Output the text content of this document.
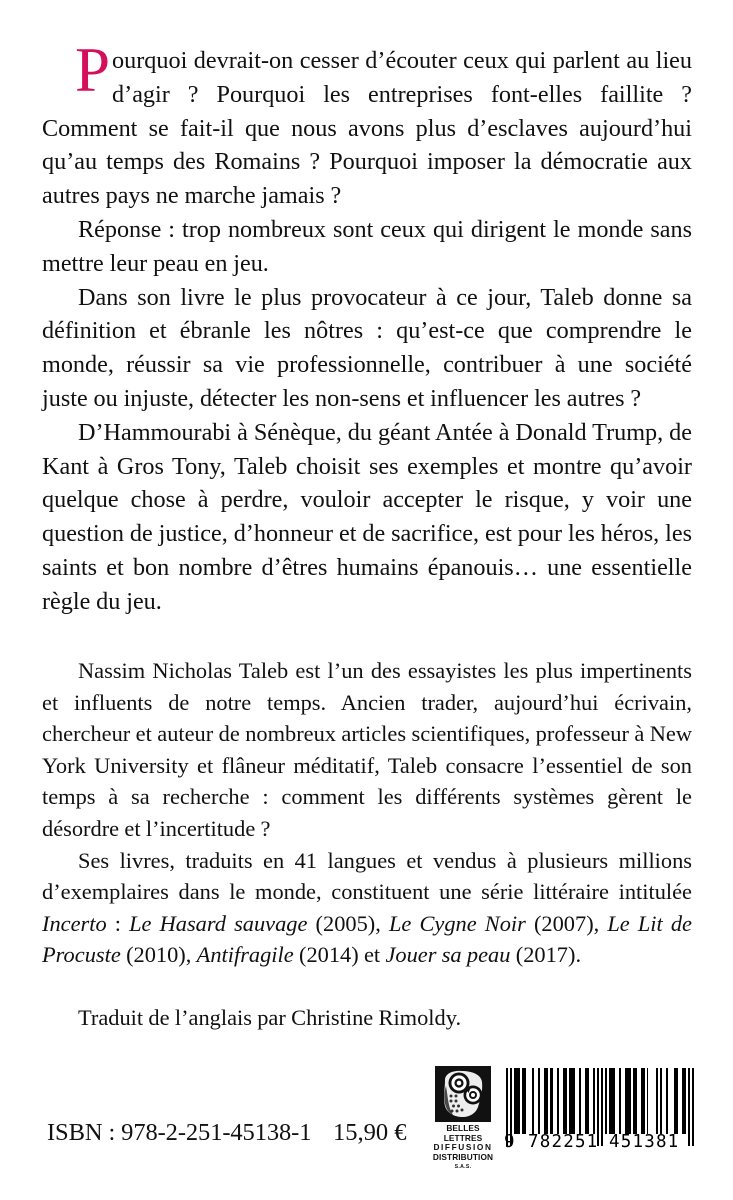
Pourquoi devrait-on cesser d’écouter ceux qui parlent au lieu d’agir ? Pourquoi les entreprises font-elles faillite ? Comment se fait-il que nous avons plus d’esclaves aujourd’hui qu’au temps des Romains ? Pourquoi imposer la démocratie aux autres pays ne marche jamais ?

Réponse : trop nombreux sont ceux qui dirigent le monde sans mettre leur peau en jeu.

Dans son livre le plus provocateur à ce jour, Taleb donne sa définition et ébranle les nôtres : qu’est-ce que comprendre le monde, réussir sa vie professionnelle, contribuer à une société juste ou injuste, détecter les non-sens et influencer les autres ?

D’Hammourabi à Sénèque, du géant Antée à Donald Trump, de Kant à Gros Tony, Taleb choisit ses exemples et montre qu’avoir quelque chose à perdre, vouloir accepter le risque, y voir une question de justice, d’honneur et de sacrifice, est pour les héros, les saints et bon nombre d’êtres humains épanouis… une essentielle règle du jeu.

Nassim Nicholas Taleb est l’un des essayistes les plus impertinents et influents de notre temps. Ancien trader, aujourd’hui écrivain, chercheur et auteur de nombreux articles scientifiques, professeur à New York University et flâneur méditatif, Taleb consacre l’essentiel de son temps à sa recherche : comment les différents systèmes gèrent le désordre et l’incertitude ?

Ses livres, traduits en 41 langues et vendus à plusieurs millions d’exemplaires dans le monde, constituent une série littéraire intitulée Incerto : Le Hasard sauvage (2005), Le Cygne Noir (2007), Le Lit de Procuste (2010), Antifragile (2014) et Jouer sa peau (2017).

Traduit de l’anglais par Christine Rimoldy.

ISBN : 978-2-251-45138-1 15,90 €	BELLES LETTRES
DIFFUSION
DISTRIBUTION
S.A.S.
9 782251 451381
